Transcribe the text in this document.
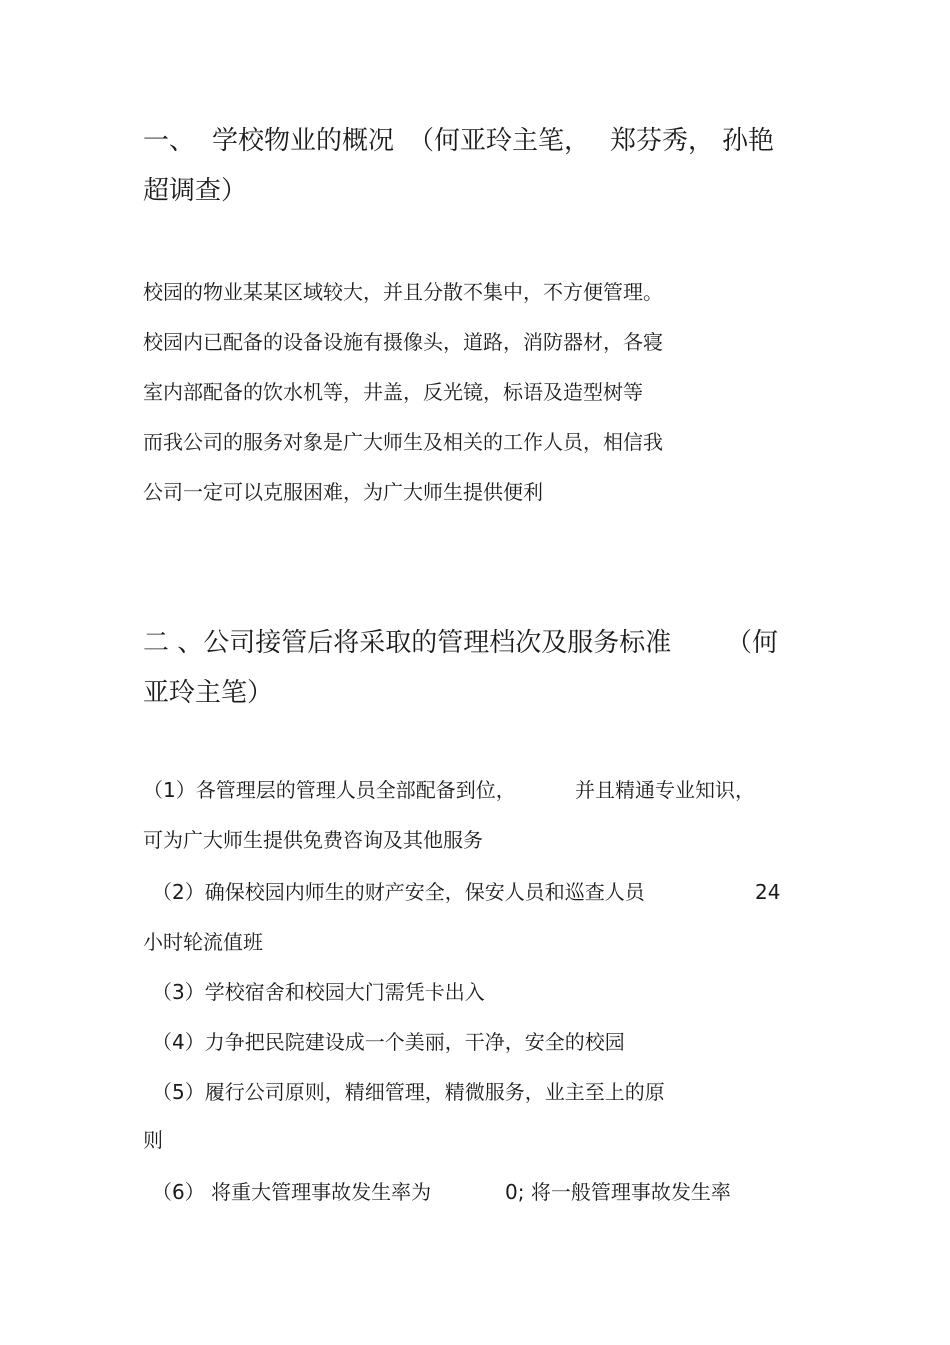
一、 学校物业的概况 （何亚玲主笔， 郑芬秀， 孙艳
超调查）
校园的物业某某区域较大，并且分散不集中，不方便管理。
校园内已配备的设备设施有摄像头，道路，消防器材，各寝
室内部配备的饮水机等，井盖，反光镜，标语及造型树等
而我公司的服务对象是广大师生及相关的工作人员，相信我
公司一定可以克服困难，为广大师生提供便利
二 、公司接管后将采取的管理档次及服务标准 （何
亚玲主笔）
（1）各管理层的管理人员全部配备到位，	并且精通专业知识，
可为广大师生提供免费咨询及其他服务
（2）确保校园内师生的财产安全，保安人员和巡查人员	24
小时轮流值班
（3）学校宿舍和校园大门需凭卡出入
（4）力争把民院建设成一个美丽，干净，安全的校园
（5）履行公司原则，精细管理，精微服务，业主至上的原
则
（6） 将重大管理事故发生率为	0; 将一般管理事故发生率
